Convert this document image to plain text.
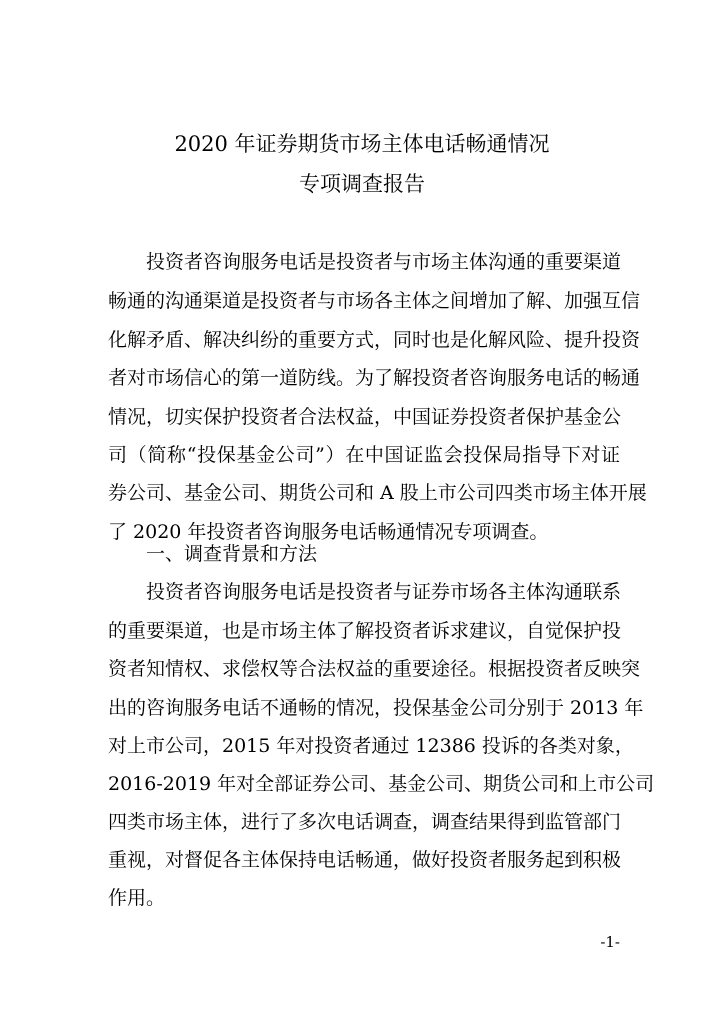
2020 年证券期货市场主体电话畅通情况
专项调查报告
投资者咨询服务电话是投资者与市场主体沟通的重要渠道
畅通的沟通渠道是投资者与市场各主体之间增加了解、加强互信
化解矛盾、解决纠纷的重要方式，同时也是化解风险、提升投资
者对市场信心的第一道防线。为了解投资者咨询服务电话的畅通
情况，切实保护投资者合法权益，中国证券投资者保护基金公
司（简称“投保基金公司”）在中国证监会投保局指导下对证
券公司、基金公司、期货公司和 A 股上市公司四类市场主体开展
了 2020 年投资者咨询服务电话畅通情况专项调查。
一、调查背景和方法
投资者咨询服务电话是投资者与证券市场各主体沟通联系
的重要渠道，也是市场主体了解投资者诉求建议，自觉保护投
资者知情权、求偿权等合法权益的重要途径。根据投资者反映突
出的咨询服务电话不通畅的情况，投保基金公司分别于 2013 年
对上市公司，2015 年对投资者通过 12386 投诉的各类对象，
2016-2019 年对全部证券公司、基金公司、期货公司和上市公司
四类市场主体，进行了多次电话调查，调查结果得到监管部门
重视，对督促各主体保持电话畅通，做好投资者服务起到积极
作用。
-1-
